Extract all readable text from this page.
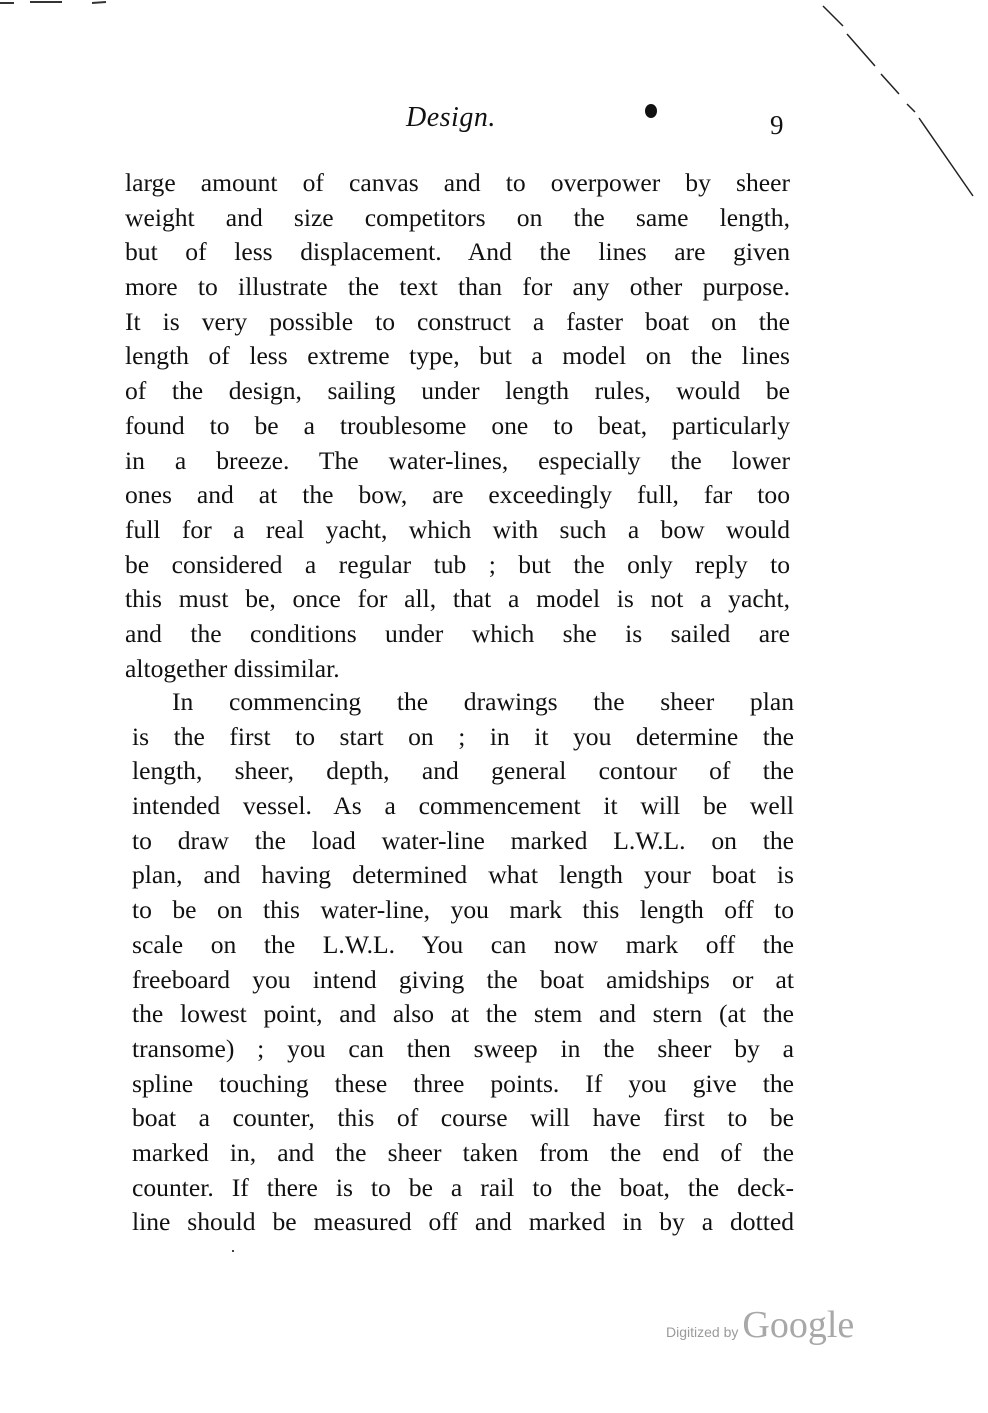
Design.	9
large amount of canvas and to overpower by sheer
weight and size competitors on the same length,
but of less displacement. And the lines are given
more to illustrate the text than for any other purpose.
It is very possible to construct a faster boat on the
length of less extreme type, but a model on the lines
of the design, sailing under length rules, would be
found to be a troublesome one to beat, particularly
in a breeze. The water-lines, especially the lower
ones and at the bow, are exceedingly full, far too
full for a real yacht, which with such a bow would
be considered a regular tub ; but the only reply to
this must be, once for all, that a model is not a yacht,
and the conditions under which she is sailed are
altogether dissimilar.
In commencing the drawings the sheer plan
is the first to start on ; in it you determine the
length, sheer, depth, and general contour of the
intended vessel. As a commencement it will be well
to draw the load water-line marked L.W.L. on the
plan, and having determined what length your boat is
to be on this water-line, you mark this length off to
scale on the L.W.L. You can now mark off the
freeboard you intend giving the boat amidships or at
the lowest point, and also at the stem and stern (at the
transome) ; you can then sweep in the sheer by a
spline touching these three points. If you give the
boat a counter, this of course will have first to be
marked in, and the sheer taken from the end of the
counter. If there is to be a rail to the boat, the deck-
line should be measured off and marked in by a dotted
Digitized by Google
